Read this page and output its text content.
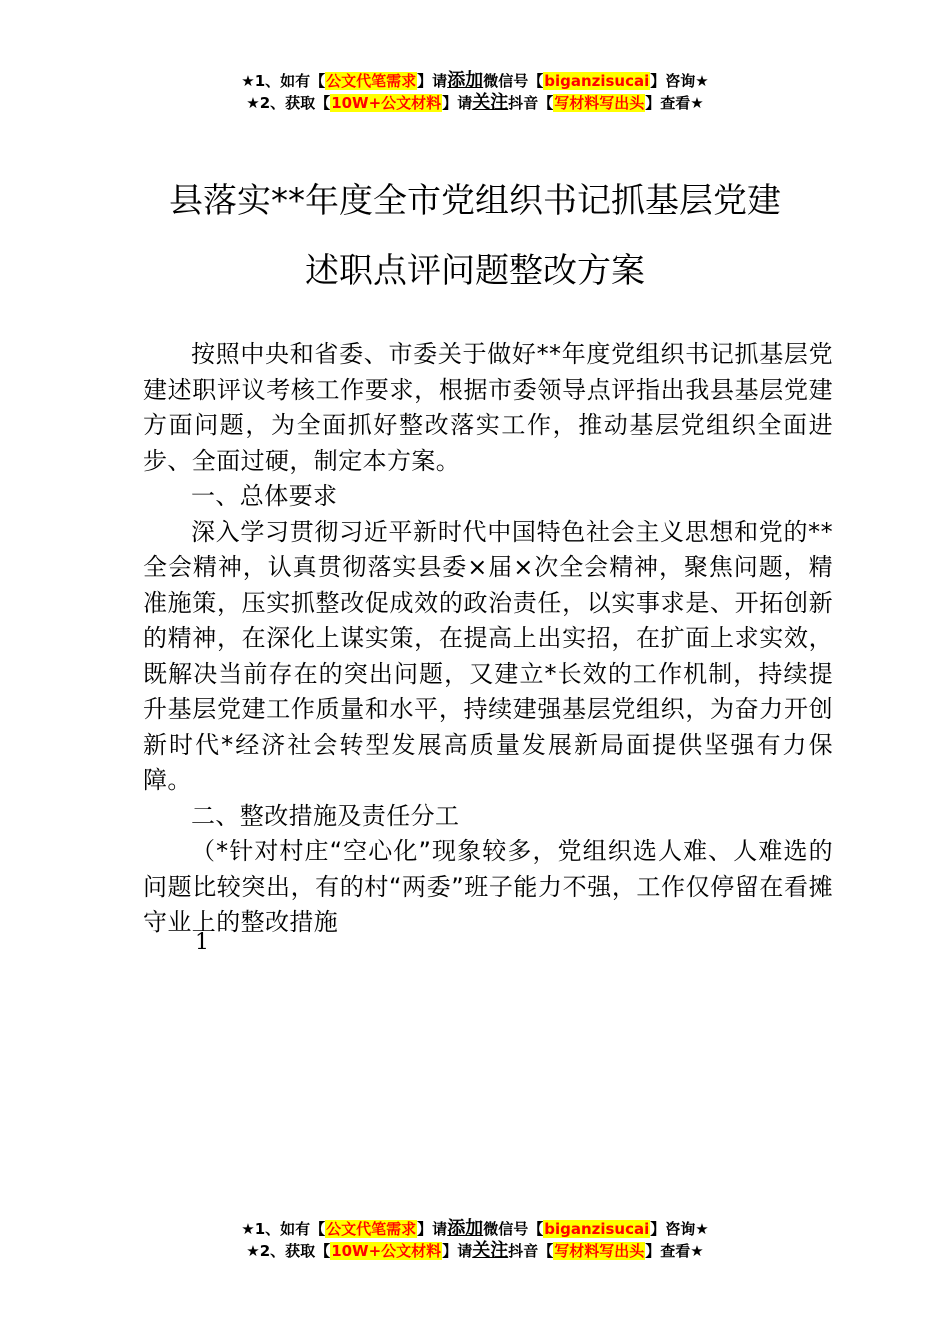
★1、如有【公文代笔需求】请添加微信号【biganzisucai】咨询★
★2、获取【10W+公文材料】请关注抖音【写材料写出头】查看★
县落实**年度全市党组织书记抓基层党建
述职点评问题整改方案

按照中央和省委、市委关于做好**年度党组织书记抓基层党建述职评议考核工作要求，根据市委领导点评指出我县基层党建方面问题，为全面抓好整改落实工作，推动基层党组织全面进步、全面过硬，制定本方案。

一、总体要求

深入学习贯彻习近平新时代中国特色社会主义思想和党的**全会精神，认真贯彻落实县委×届×次全会精神，聚焦问题，精准施策，压实抓整改促成效的政治责任，以实事求是、开拓创新的精神，在深化上谋实策，在提高上出实招，在扩面上求实效，既解决当前存在的突出问题，又建立*长效的工作机制，持续提升基层党建工作质量和水平，持续建强基层党组织，为奋力开创新时代*经济社会转型发展高质量发展新局面提供坚强有力保障。

二、整改措施及责任分工

（*针对村庄“空心化”现象较多，党组织选人难、人难选的问题比较突出，有的村“两委”班子能力不强，工作仅停留在看摊守业上的整改措施

1
★1、如有【公文代笔需求】请添加微信号【biganzisucai】咨询★
★2、获取【10W+公文材料】请关注抖音【写材料写出头】查看★
